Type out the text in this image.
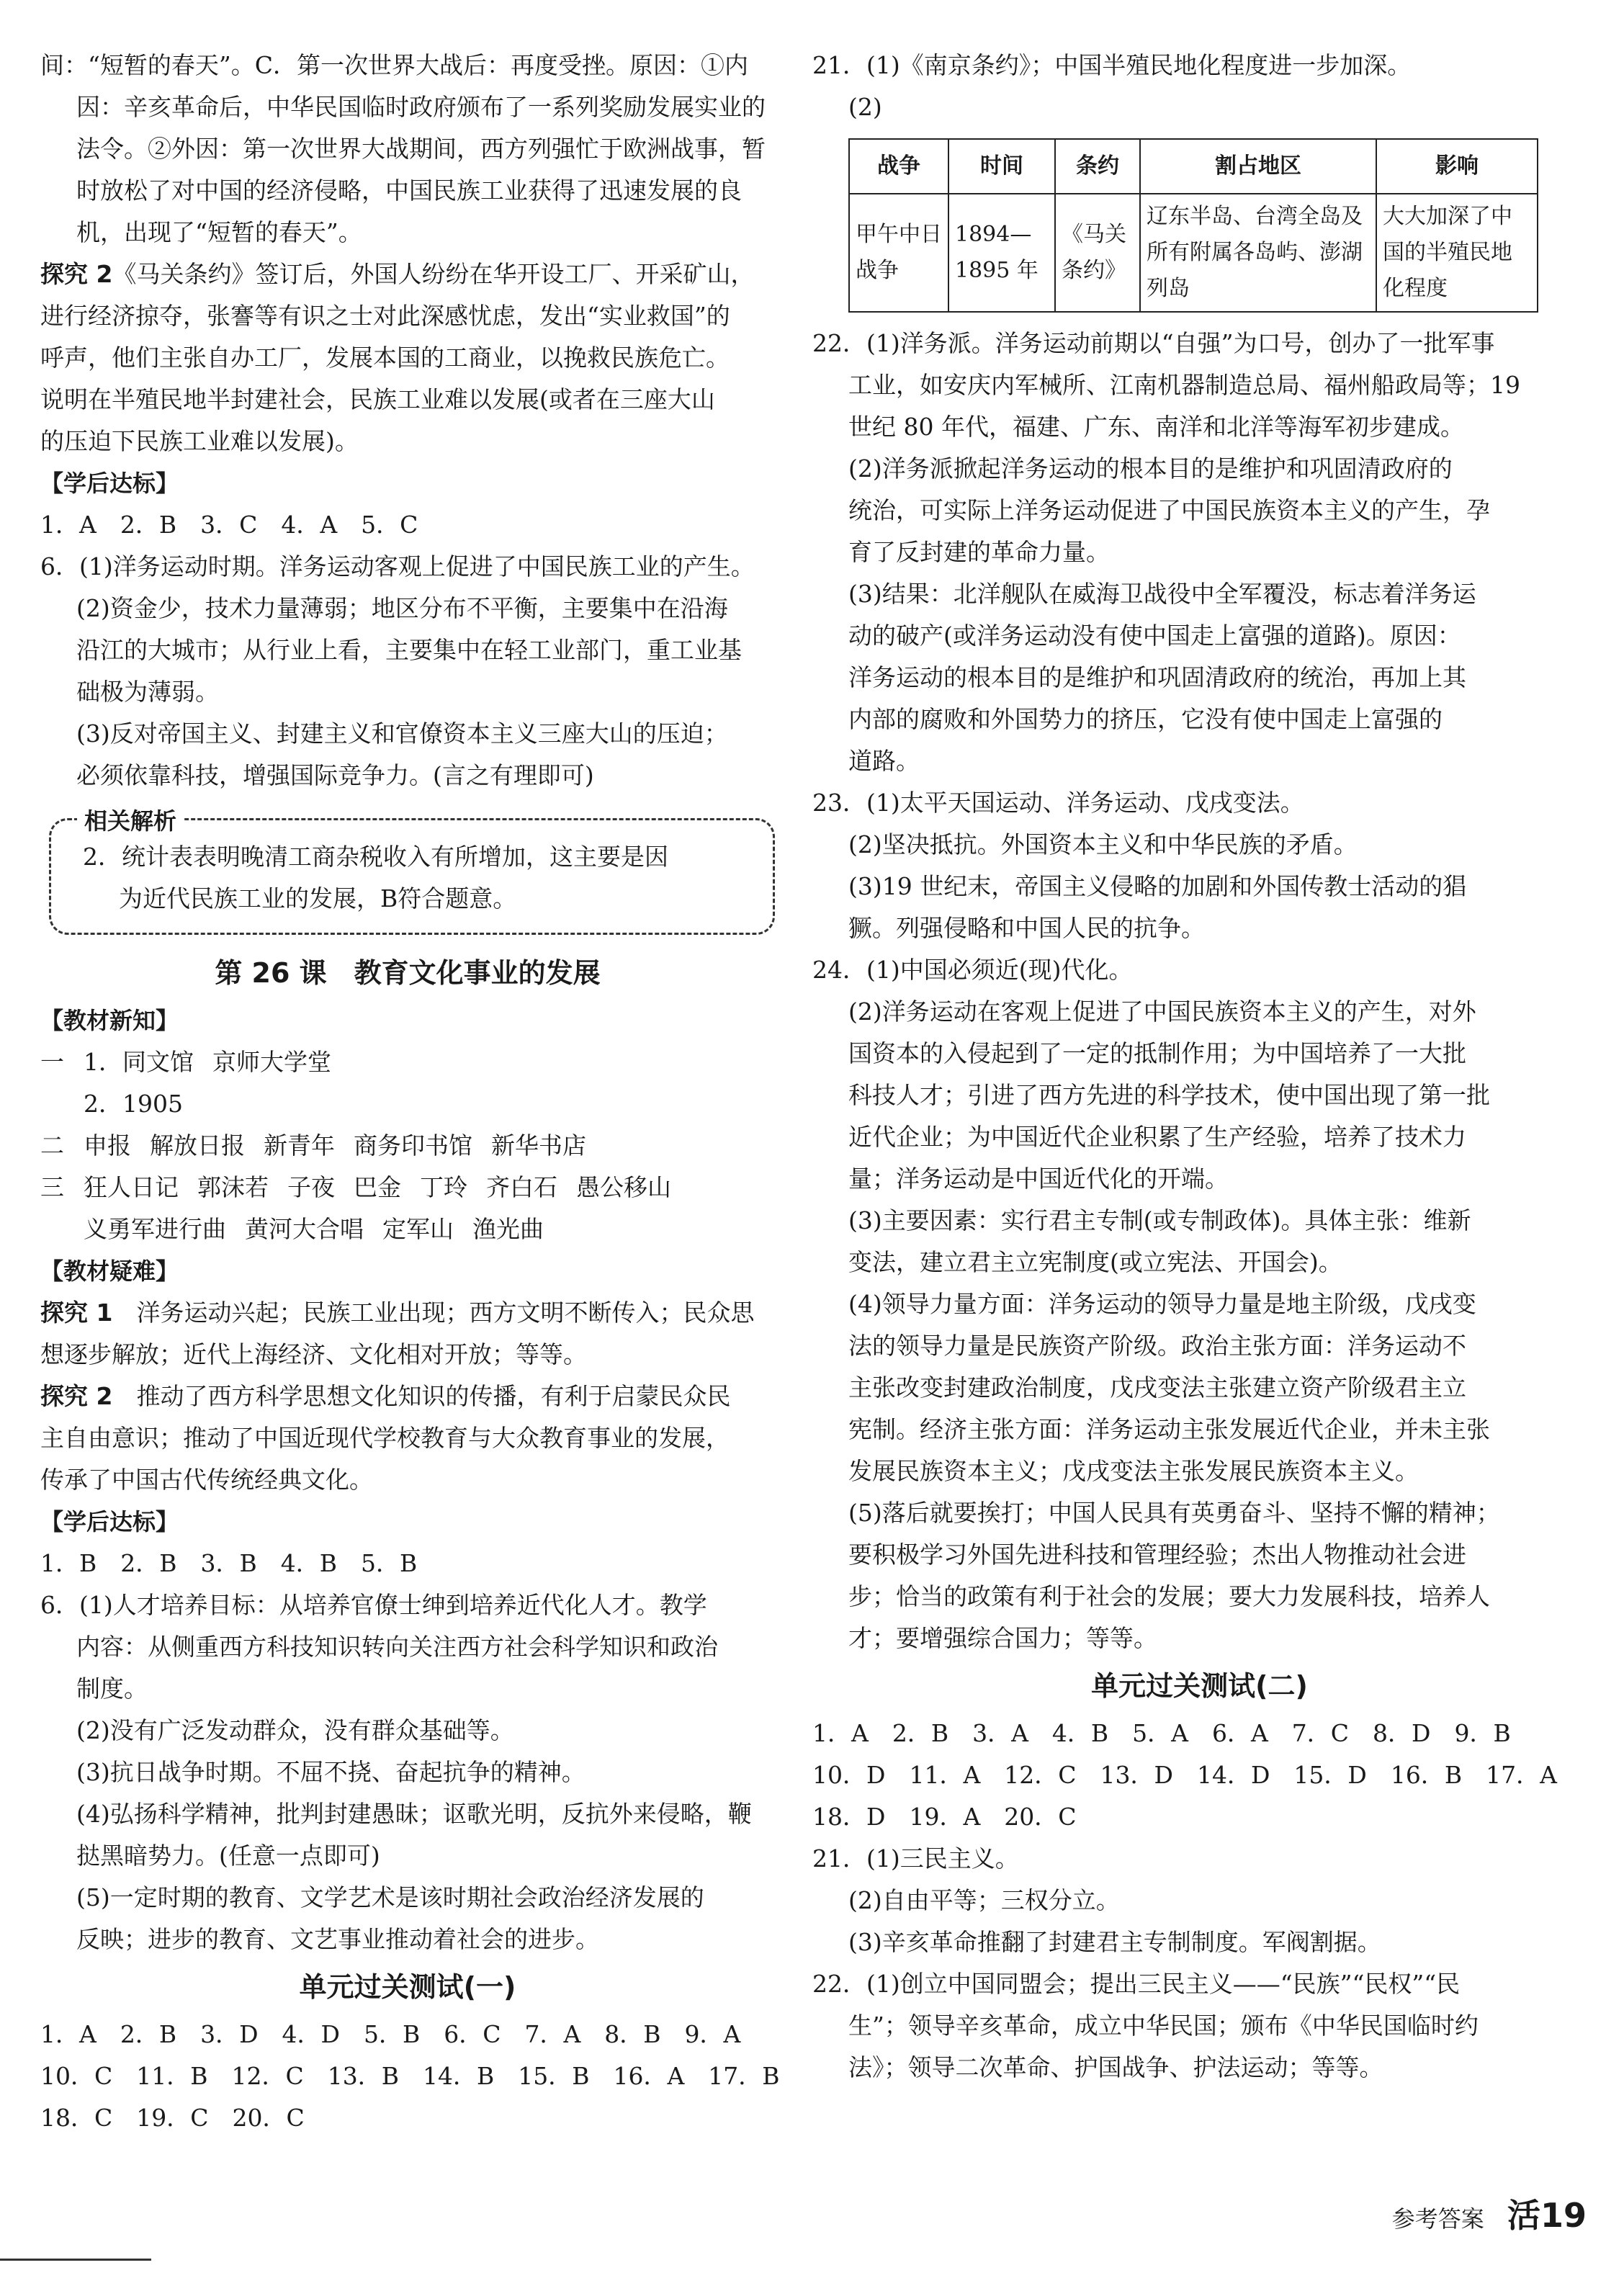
间：“短暂的春天”。C．第一次世界大战后：再度受挫。原因：①内

因：辛亥革命后，中华民国临时政府颁布了一系列奖励发展实业的

法令。②外因：第一次世界大战期间，西方列强忙于欧洲战事，暂

时放松了对中国的经济侵略，中国民族工业获得了迅速发展的良

机，出现了“短暂的春天”。

探究 2《马关条约》签订后，外国人纷纷在华开设工厂、开采矿山，

进行经济掠夺，张謇等有识之士对此深感忧虑，发出“实业救国”的

呼声，他们主张自办工厂，发展本国的工商业，以挽救民族危亡。

说明在半殖民地半封建社会，民族工业难以发展(或者在三座大山

的压迫下民族工业难以发展)。

【学后达标】

1．A　2．B　3．C　4．A　5．C

6．(1)洋务运动时期。洋务运动客观上促进了中国民族工业的产生。

(2)资金少，技术力量薄弱；地区分布不平衡，主要集中在沿海

沿江的大城市；从行业上看，主要集中在轻工业部门，重工业基

础极为薄弱。

(3)反对帝国主义、封建主义和官僚资本主义三座大山的压迫；

必须依靠科技，增强国际竞争力。(言之有理即可)

相关解析

2．统计表表明晚清工商杂税收入有所增加，这主要是因

为近代民族工业的发展，B符合题意。

第 26 课　教育文化事业的发展

【教材新知】

一 1．同文馆 京师大学堂

2．1905

二 申报 解放日报 新青年 商务印书馆 新华书店

三 狂人日记 郭沫若 子夜 巴金 丁玲 齐白石 愚公移山

义勇军进行曲 黄河大合唱 定军山 渔光曲

【教材疑难】

探究 1　 洋务运动兴起；民族工业出现；西方文明不断传入；民众思

想逐步解放；近代上海经济、文化相对开放；等等。

探究 2　 推动了西方科学思想文化知识的传播，有利于启蒙民众民

主自由意识；推动了中国近现代学校教育与大众教育事业的发展，

传承了中国古代传统经典文化。

【学后达标】

1．B　2．B　3．B　4．B　5．B

6．(1)人才培养目标：从培养官僚士绅到培养近代化人才。教学

内容：从侧重西方科技知识转向关注西方社会科学知识和政治

制度。

(2)没有广泛发动群众，没有群众基础等。

(3)抗日战争时期。不屈不挠、奋起抗争的精神。

(4)弘扬科学精神，批判封建愚昧；讴歌光明，反抗外来侵略，鞭

挞黑暗势力。(任意一点即可)

(5)一定时期的教育、文学艺术是该时期社会政治经济发展的

反映；进步的教育、文艺事业推动着社会的进步。

单元过关测试(一)

1．A　2．B　3．D　4．D　5．B　6．C　7．A　8．B　9．A

10．C　11．B　12．C　13．B　14．B　15．B　16．A　17．B

18．C　19．C　20．C

21．(1)《南京条约》；中国半殖民地化程度进一步加深。

(2)

战争	时间	条约	割占地区	影响
甲午中日战争	1894—1895 年	《马关条约》	辽东半岛、台湾全岛及所有附属各岛屿、澎湖列岛	大大加深了中国的半殖民地化程度

22．(1)洋务派。洋务运动前期以“自强”为口号，创办了一批军事

工业，如安庆内军械所、江南机器制造总局、福州船政局等；19

世纪 80 年代，福建、广东、南洋和北洋等海军初步建成。

(2)洋务派掀起洋务运动的根本目的是维护和巩固清政府的

统治，可实际上洋务运动促进了中国民族资本主义的产生，孕

育了反封建的革命力量。

(3)结果：北洋舰队在威海卫战役中全军覆没，标志着洋务运

动的破产(或洋务运动没有使中国走上富强的道路)。原因：

洋务运动的根本目的是维护和巩固清政府的统治，再加上其

内部的腐败和外国势力的挤压，它没有使中国走上富强的

道路。

23．(1)太平天国运动、洋务运动、戊戌变法。

(2)坚决抵抗。外国资本主义和中华民族的矛盾。

(3)19 世纪末，帝国主义侵略的加剧和外国传教士活动的猖

獗。列强侵略和中国人民的抗争。

24．(1)中国必须近(现)代化。

(2)洋务运动在客观上促进了中国民族资本主义的产生，对外

国资本的入侵起到了一定的抵制作用；为中国培养了一大批

科技人才；引进了西方先进的科学技术，使中国出现了第一批

近代企业；为中国近代企业积累了生产经验，培养了技术力

量；洋务运动是中国近代化的开端。

(3)主要因素：实行君主专制(或专制政体)。具体主张：维新

变法，建立君主立宪制度(或立宪法、开国会)。

(4)领导力量方面：洋务运动的领导力量是地主阶级，戊戌变

法的领导力量是民族资产阶级。政治主张方面：洋务运动不

主张改变封建政治制度，戊戌变法主张建立资产阶级君主立

宪制。经济主张方面：洋务运动主张发展近代企业，并未主张

发展民族资本主义；戊戌变法主张发展民族资本主义。

(5)落后就要挨打；中国人民具有英勇奋斗、坚持不懈的精神；

要积极学习外国先进科技和管理经验；杰出人物推动社会进

步；恰当的政策有利于社会的发展；要大力发展科技，培养人

才；要增强综合国力；等等。

单元过关测试(二)

1．A　2．B　3．A　4．B　5．A　6．A　7．C　8．D　9．B

10．D　11．A　12．C　13．D　14．D　15．D　16．B　17．A

18．D　19．A　20．C

21．(1)三民主义。

(2)自由平等；三权分立。

(3)辛亥革命推翻了封建君主专制制度。军阀割据。

22．(1)创立中国同盟会；提出三民主义——“民族”“民权”“民

生”；领导辛亥革命，成立中华民国；颁布《中华民国临时约

法》；领导二次革命、护国战争、护法运动；等等。

参考答案 活19
